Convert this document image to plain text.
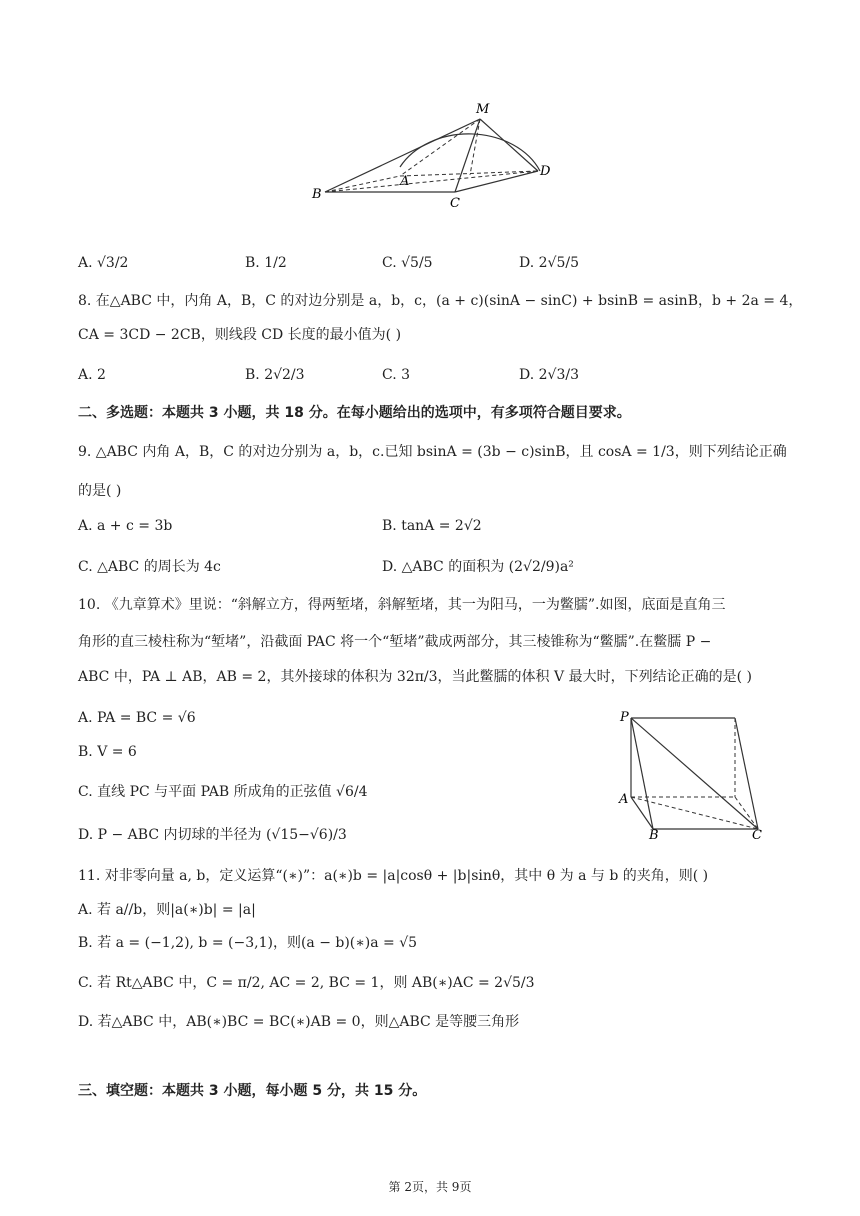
M
A
B
C
D
A. √3/2	B. 1/2	C. √5/5	D. 2√5/5
8. 在△ABC 中，内角 A，B，C 的对边分别是 a，b，c，(a + c)(sinA − sinC) + bsinB = asinB，b + 2a = 4，
CA = 3CD − 2CB，则线段 CD 长度的最小值为( )
A. 2	B. 2√2/3	C. 3	D. 2√3/3
二、多选题：本题共 3 小题，共 18 分。在每小题给出的选项中，有多项符合题目要求。
9. △ABC 内角 A，B，C 的对边分别为 a，b，c.已知 bsinA = (3b − c)sinB，且 cosA = 1/3，则下列结论正确
的是( )
A. a + c = 3b	B. tanA = 2√2
C. △ABC 的周长为 4c	D. △ABC 的面积为 (2√2/9)a²
10. 《九章算术》里说：“斜解立方，得两堑堵，斜解堑堵，其一为阳马，一为鳖臑”.如图，底面是直角三
角形的直三棱柱称为“堑堵”，沿截面 PAC 将一个“堑堵”截成两部分，其三棱锥称为“鳖臑”.在鳖臑 P −
ABC 中，PA ⊥ AB，AB = 2，其外接球的体积为 32π/3，当此鳖臑的体积 V 最大时，下列结论正确的是( )
A. PA = BC = √6
B. V = 6
C. 直线 PC 与平面 PAB 所成角的正弦值 √6/4
D. P − ABC 内切球的半径为 (√15−√6)/3
P
A
B	C
11. 对非零向量 a, b，定义运算“(∗)”：a(∗)b = |a|cosθ + |b|sinθ，其中 θ 为 a 与 b 的夹角，则( )
A. 若 a//b，则|a(∗)b| = |a|
B. 若 a = (−1,2), b = (−3,1)，则(a − b)(∗)a = √5
C. 若 Rt△ABC 中，C = π/2, AC = 2, BC = 1，则 AB(∗)AC = 2√5/3
D. 若△ABC 中，AB(∗)BC = BC(∗)AB = 0，则△ABC 是等腰三角形
三、填空题：本题共 3 小题，每小题 5 分，共 15 分。
第 2页，共 9页
